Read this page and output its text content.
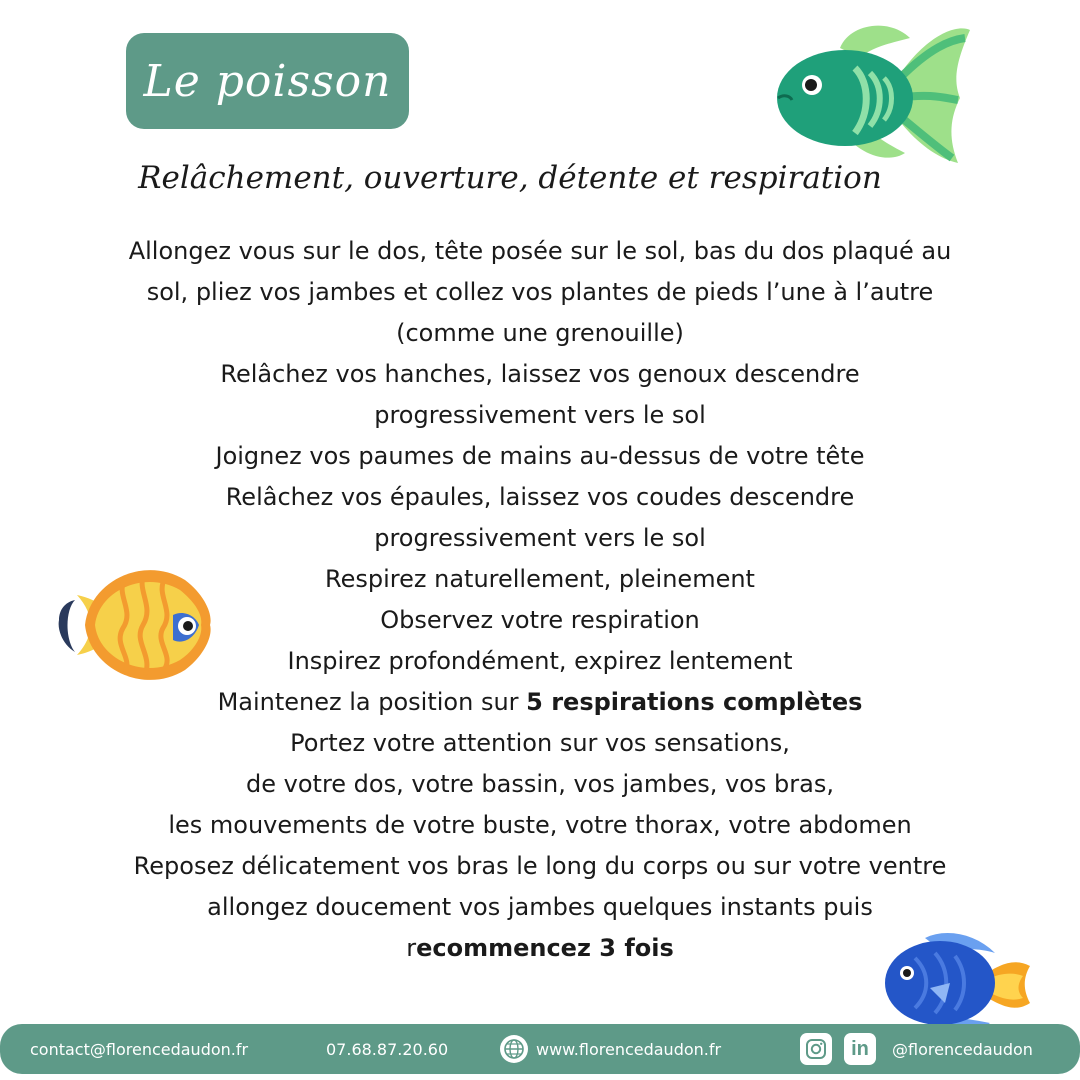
Le poisson
Relâchement, ouverture, détente et respiration
Allongez vous sur le dos, tête posée sur le sol, bas du dos plaqué au
sol, pliez vos jambes et collez vos plantes de pieds l’une à l’autre
(comme une grenouille)
Relâchez vos hanches, laissez vos genoux descendre
progressivement vers le sol
Joignez vos paumes de mains au-dessus de votre tête
Relâchez vos épaules, laissez vos coudes descendre
progressivement vers le sol
Respirez naturellement, pleinement
Observez votre respiration
Inspirez profondément, expirez lentement
Maintenez la position sur 5 respirations complètes
Portez votre attention sur vos sensations,
de votre dos, votre bassin, vos jambes, vos bras,
les mouvements de votre buste, votre thorax, votre abdomen
Reposez délicatement vos bras le long du corps ou sur votre ventre
allongez doucement vos jambes quelques instants puis
recommencez 3 fois
contact@florencedaudon.fr	07.68.87.20.60	www.florencedaudon.fr	in @florencedaudon
